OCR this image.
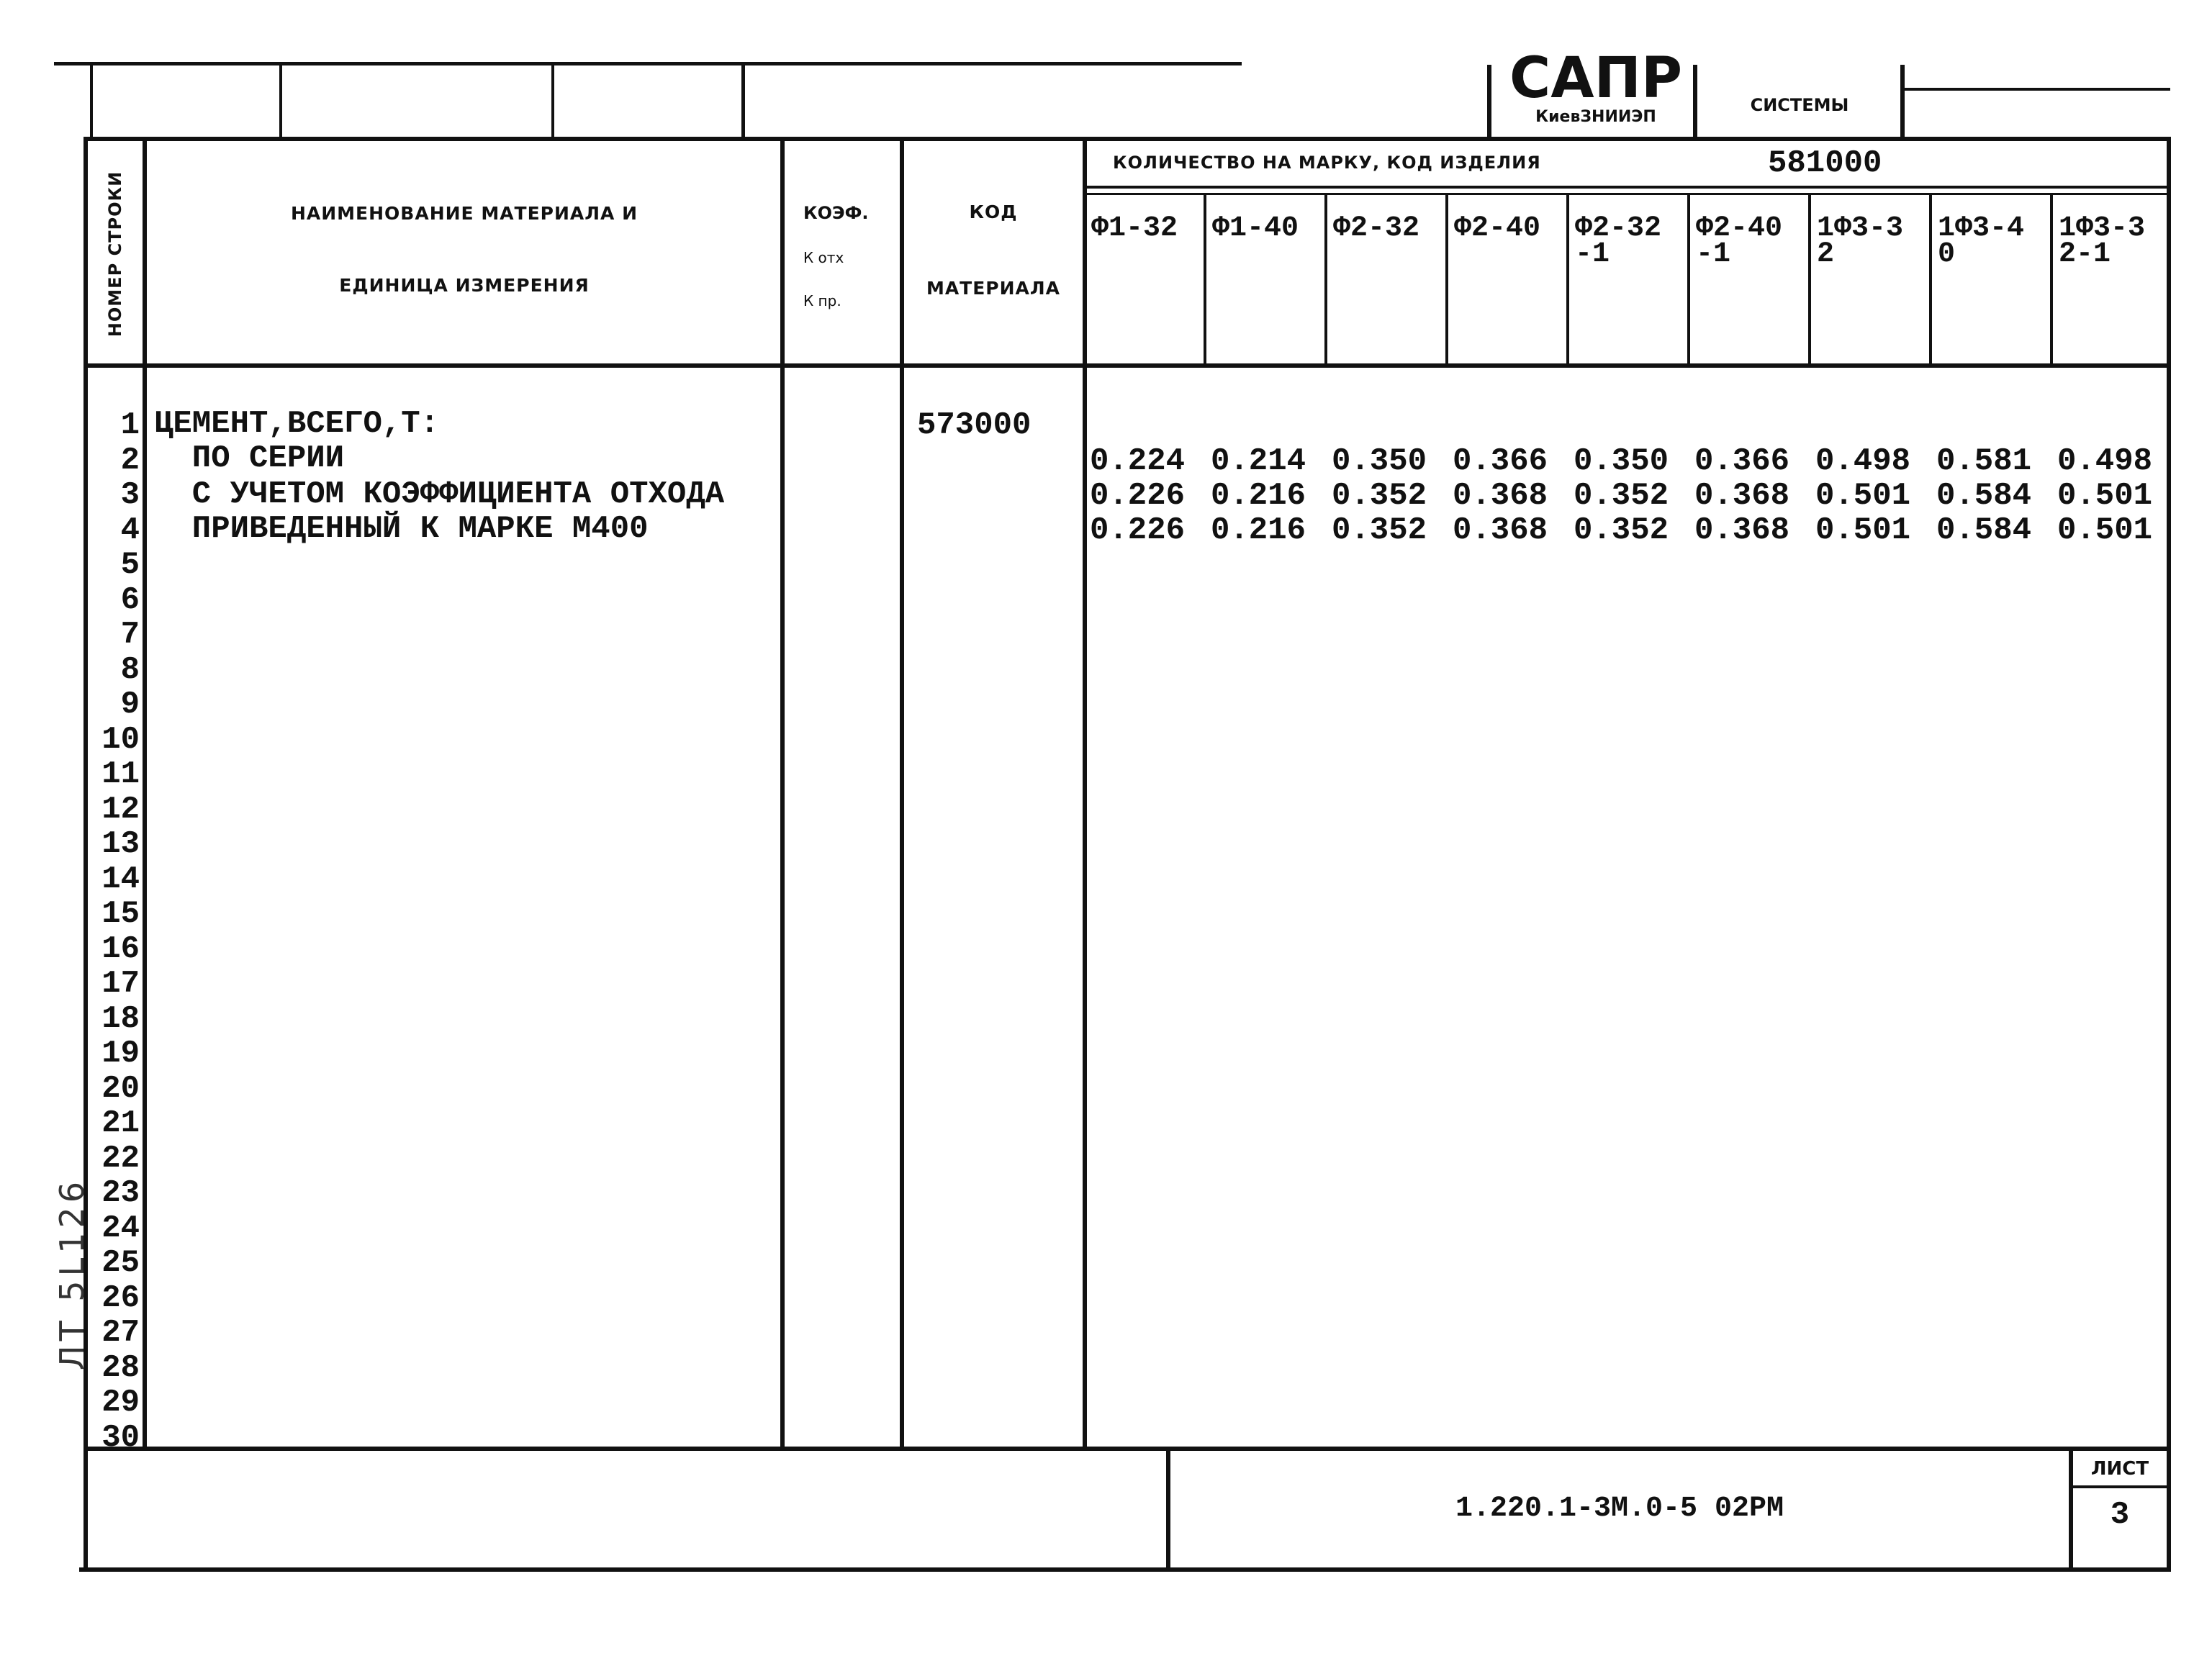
САПР
КиевЗНИИЭП
СИСТЕМЫ
НОМЕР СТРОКИ	НАИМЕНОВАНИЕ МАТЕРИАЛА И
ЕДИНИЦА ИЗМЕРЕНИЯ
КОЭФ.
К отх
К пр.
КОД
МАТЕРИАЛА
КОЛИЧЕСТВО НА МАРКУ, КОД ИЗДЕЛИЯ	581000
Ф1-32 Ф1-40 Ф2-32 Ф2-40 Ф2-32
-1
Ф2-40
-1
1Ф3-3
2
1Ф3-4
0
1Ф3-3
2-1
1
2
3
4
5
6
7
8
9
10
11
12
13
14
15
16
17
18
19
20
21
22
23
24
25
26
27
28
29
30
ЦЕМЕНТ,ВСЕГО,Т:
ПО СЕРИИ
С УЧЕТОМ КОЭФФИЦИЕНТА ОТХОДА
ПРИВЕДЕННЫЙ К МАРКЕ М400
573000
0.224 0.214 0.350 0.366 0.350 0.366 0.498 0.581 0.498
0.226 0.216 0.352 0.368 0.352 0.368 0.501 0.584 0.501
0.226 0.216 0.352 0.368 0.352 0.368 0.501 0.584 0.501
1.220.1-3М.0-5 02РМ
ЛИСТ
3
ЛТ 5L126
